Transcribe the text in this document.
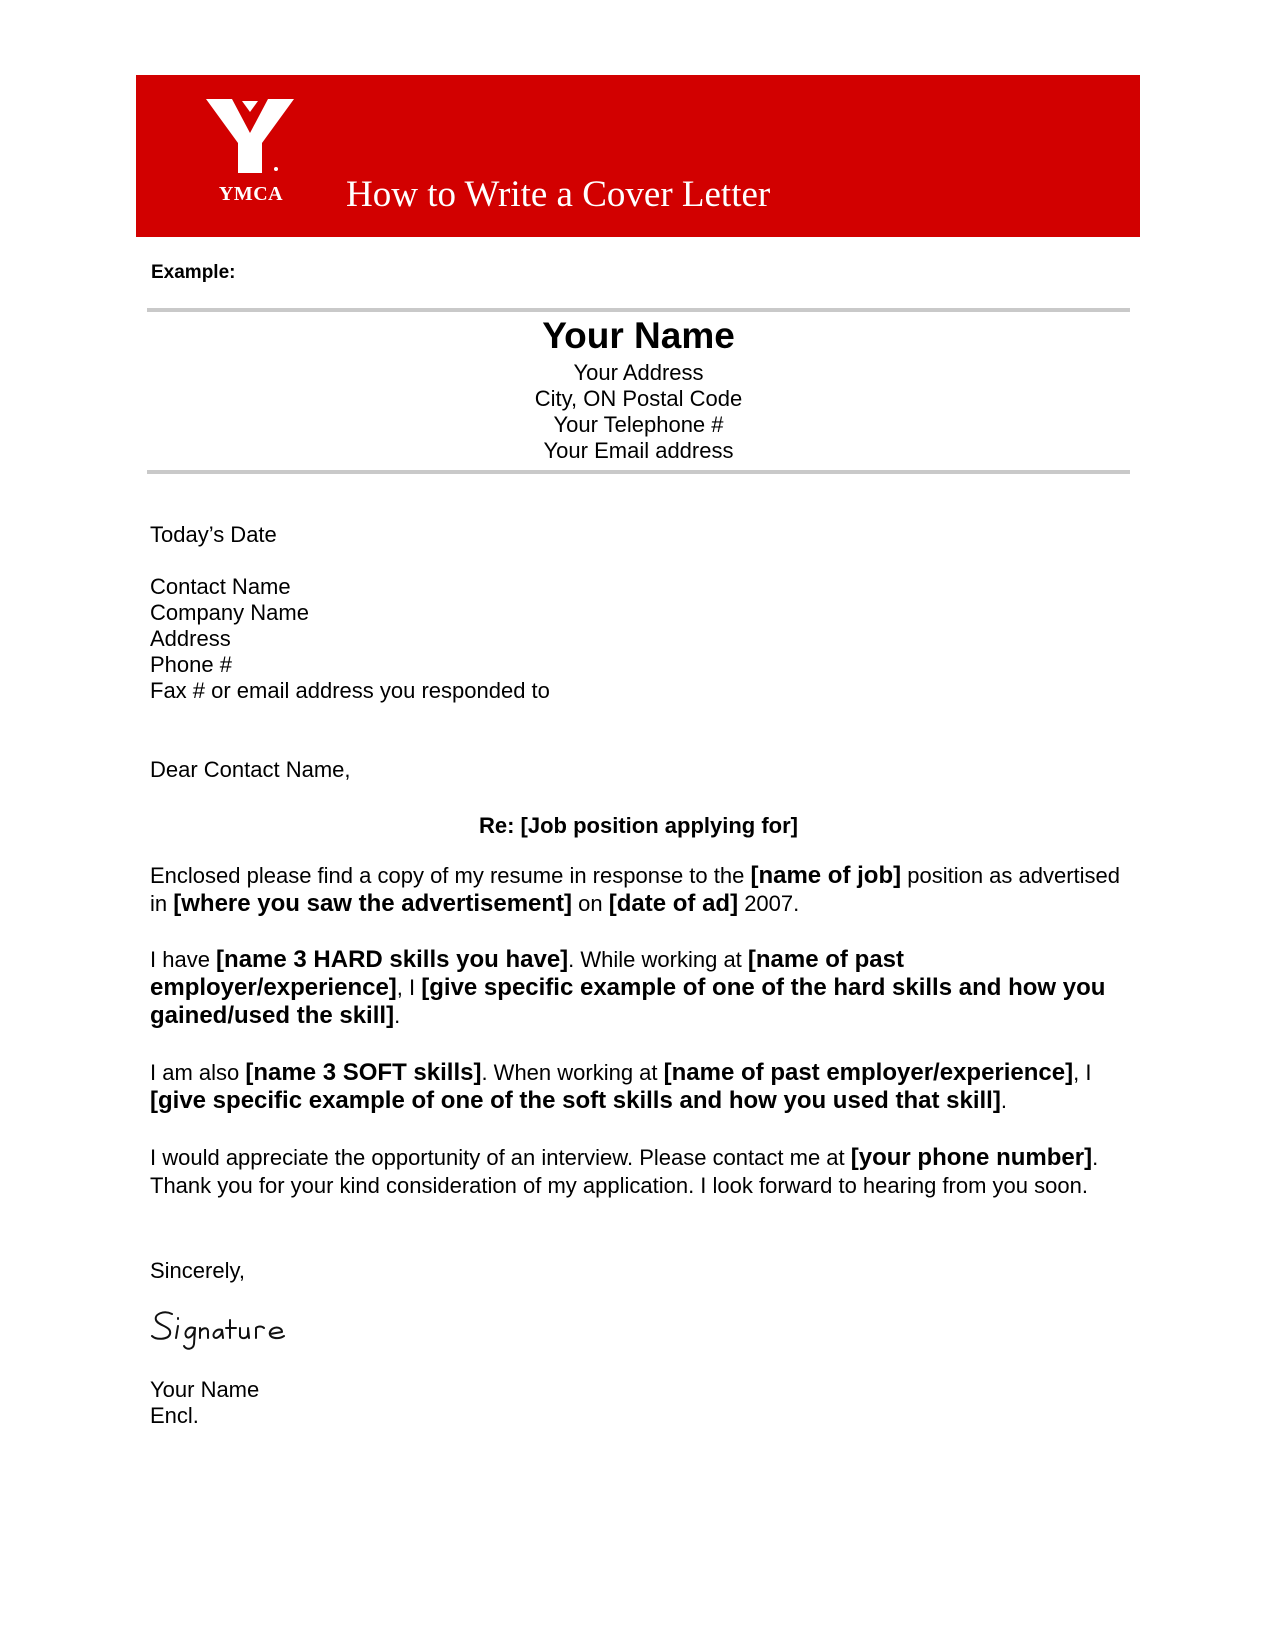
YMCA	How to Write a Cover Letter
Example:
Your Name
Your Address
City, ON Postal Code
Your Telephone #
Your Email address
Today’s Date
Contact Name
Company Name
Address
Phone #
Fax # or email address you responded to
Dear Contact Name,
Re: [Job position applying for]
Enclosed please find a copy of my resume in response to the [name of job] position as advertised in [where you saw the advertisement] on [date of ad] 2007.
I have [name 3 HARD skills you have]. While working at [name of past employer/experience], I [give specific example of one of the hard skills and how you gained/used the skill].
I am also [name 3 SOFT skills]. When working at [name of past employer/experience], I [give specific example of one of the soft skills and how you used that skill].
I would appreciate the opportunity of an interview. Please contact me at [your phone number]. Thank you for your kind consideration of my application. I look forward to hearing from you soon.
Sincerely,
Your Name
Encl.
